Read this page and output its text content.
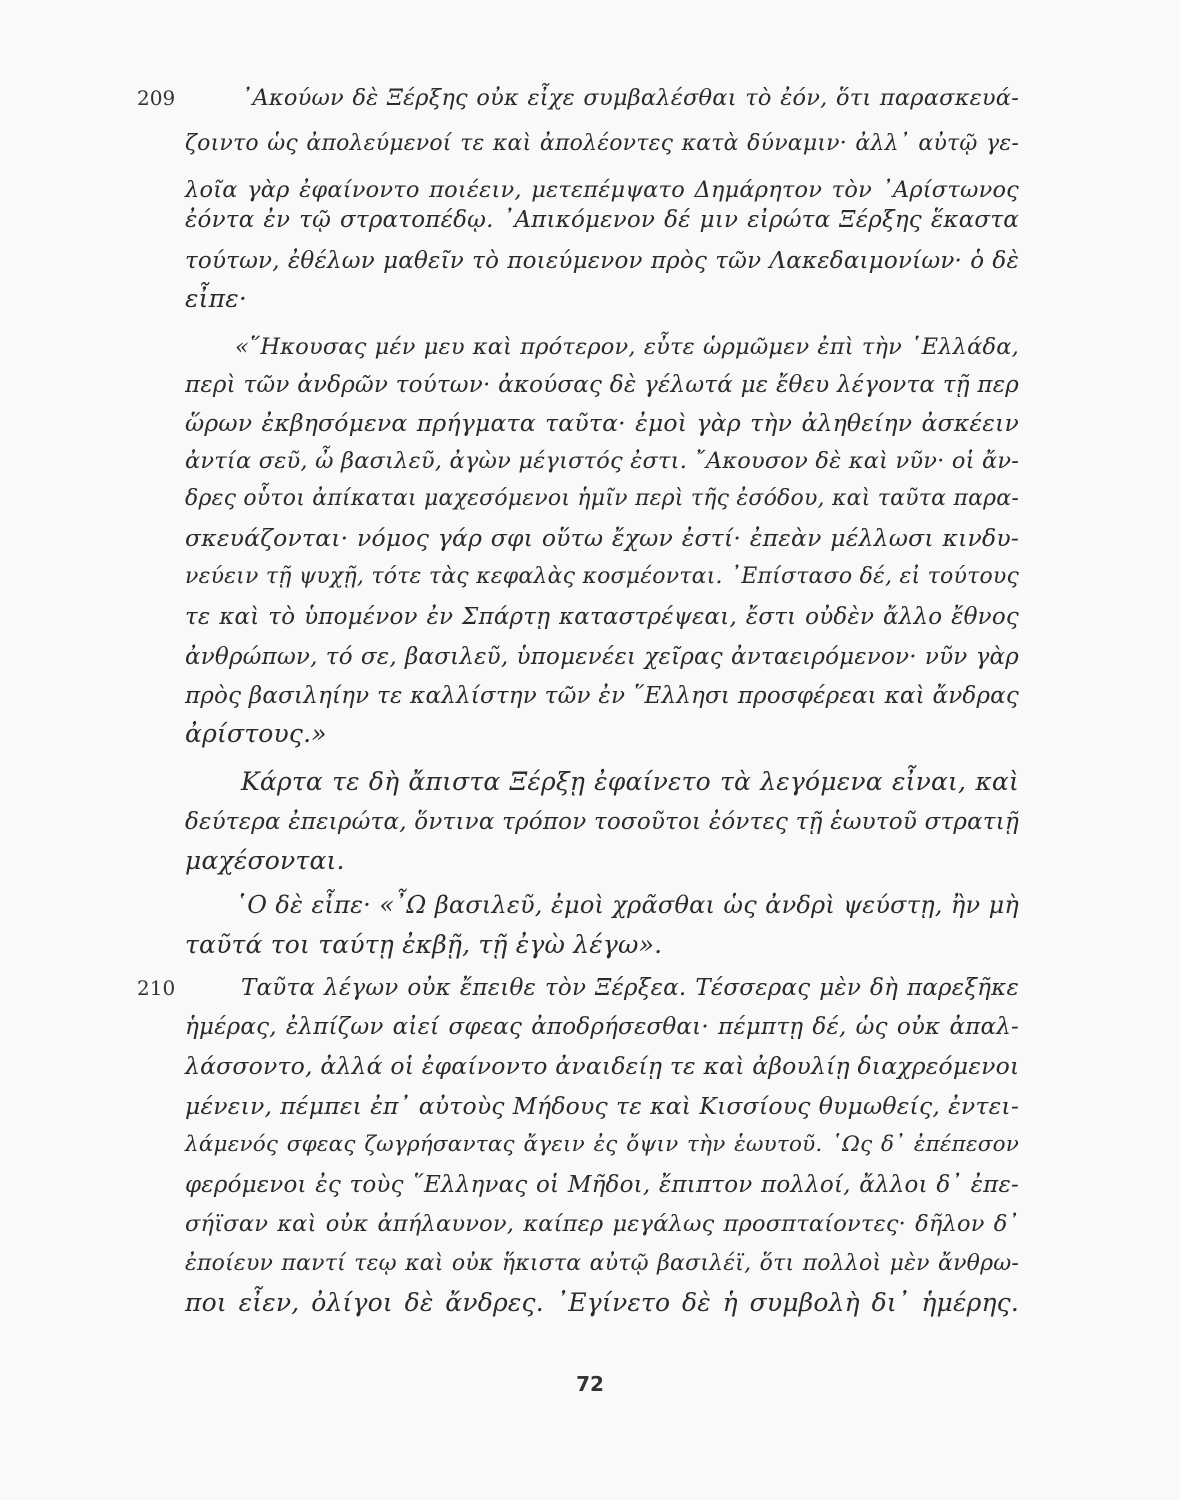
209	᾿Ακούων δὲ Ξέρξης οὐκ εἶχε συμβαλέσθαι τὸ ἐόν, ὅτι παρασκευά-
ζοιντο ὡς ἀπολεύμενοί τε καὶ ἀπολέοντες κατὰ δύναμιν· ἀλλ᾿ αὐτῷ γε-
λοῖα γὰρ ἐφαίνοντο ποιέειν, μετεπέμψατο Δημάρητον τὸν ᾿Αρίστωνος
ἐόντα ἐν τῷ στρατοπέδῳ. ᾿Απικόμενον δέ μιν εἰρώτα Ξέρξης ἕκαστα
τούτων, ἐθέλων μαθεῖν τὸ ποιεύμενον πρὸς τῶν Λακεδαιμονίων· ὁ δὲ
εἶπε·
«῞Ηκουσας μέν μευ καὶ πρότερον, εὖτε ὡρμῶμεν ἐπὶ τὴν ῾Ελλάδα,
περὶ τῶν ἀνδρῶν τούτων· ἀκούσας δὲ γέλωτά με ἔθευ λέγοντα τῇ περ
ὥρων ἐκβησόμενα πρήγματα ταῦτα· ἐμοὶ γὰρ τὴν ἀληθείην ἀσκέειν
ἀντία σεῦ, ὦ βασιλεῦ, ἀγὼν μέγιστός ἐστι. ῎Ακουσον δὲ καὶ νῦν· οἱ ἄν-
δρες οὗτοι ἀπίκαται μαχεσόμενοι ἡμῖν περὶ τῆς ἐσόδου, καὶ ταῦτα παρα-
σκευάζονται· νόμος γάρ σφι οὕτω ἔχων ἐστί· ἐπεὰν μέλλωσι κινδυ-
νεύειν τῇ ψυχῇ, τότε τὰς κεφαλὰς κοσμέονται. ᾿Επίστασο δέ, εἰ τούτους
τε καὶ τὸ ὑπομένον ἐν Σπάρτῃ καταστρέψεαι, ἔστι οὐδὲν ἄλλο ἔθνος
ἀνθρώπων, τό σε, βασιλεῦ, ὑπομενέει χεῖρας ἀνταειρόμενον· νῦν γὰρ
πρὸς βασιληίην τε καλλίστην τῶν ἐν ῞Ελλησι προσφέρεαι καὶ ἄνδρας
ἀρίστους.»
Κάρτα τε δὴ ἄπιστα Ξέρξῃ ἐφαίνετο τὰ λεγόμενα εἶναι, καὶ
δεύτερα ἐπειρώτα, ὅντινα τρόπον τοσοῦτοι ἐόντες τῇ ἑωυτοῦ στρατιῇ
μαχέσονται.
῾Ο δὲ εἶπε· «῏Ω βασιλεῦ, ἐμοὶ χρᾶσθαι ὡς ἀνδρὶ ψεύστῃ, ἢν μὴ
ταῦτά τοι ταύτῃ ἐκβῇ, τῇ ἐγὼ λέγω».
210	Ταῦτα λέγων οὐκ ἔπειθε τὸν Ξέρξεα. Τέσσερας μὲν δὴ παρεξῆκε
ἡμέρας, ἐλπίζων αἰεί σφεας ἀποδρήσεσθαι· πέμπτῃ δέ, ὡς οὐκ ἀπαλ-
λάσσοντο, ἀλλά οἱ ἐφαίνοντο ἀναιδείῃ τε καὶ ἀβουλίῃ διαχρεόμενοι
μένειν, πέμπει ἐπ᾿ αὐτοὺς Μήδους τε καὶ Κισσίους θυμωθείς, ἐντει-
λάμενός σφεας ζωγρήσαντας ἄγειν ἐς ὄψιν τὴν ἑωυτοῦ. ῾Ως δ᾿ ἐπέπεσον
φερόμενοι ἐς τοὺς ῞Ελληνας οἱ Μῆδοι, ἔπιπτον πολλοί, ἄλλοι δ᾿ ἐπε-
σήϊσαν καὶ οὐκ ἀπήλαυνον, καίπερ μεγάλως προσπταίοντες· δῆλον δ᾿
ἐποίευν παντί τεῳ καὶ οὐκ ἥκιστα αὐτῷ βασιλέϊ, ὅτι πολλοὶ μὲν ἄνθρω-
ποι εἶεν, ὀλίγοι δὲ ἄνδρες. ᾿Εγίνετο δὲ ἡ συμβολὴ δι᾿ ἡμέρης.
72
